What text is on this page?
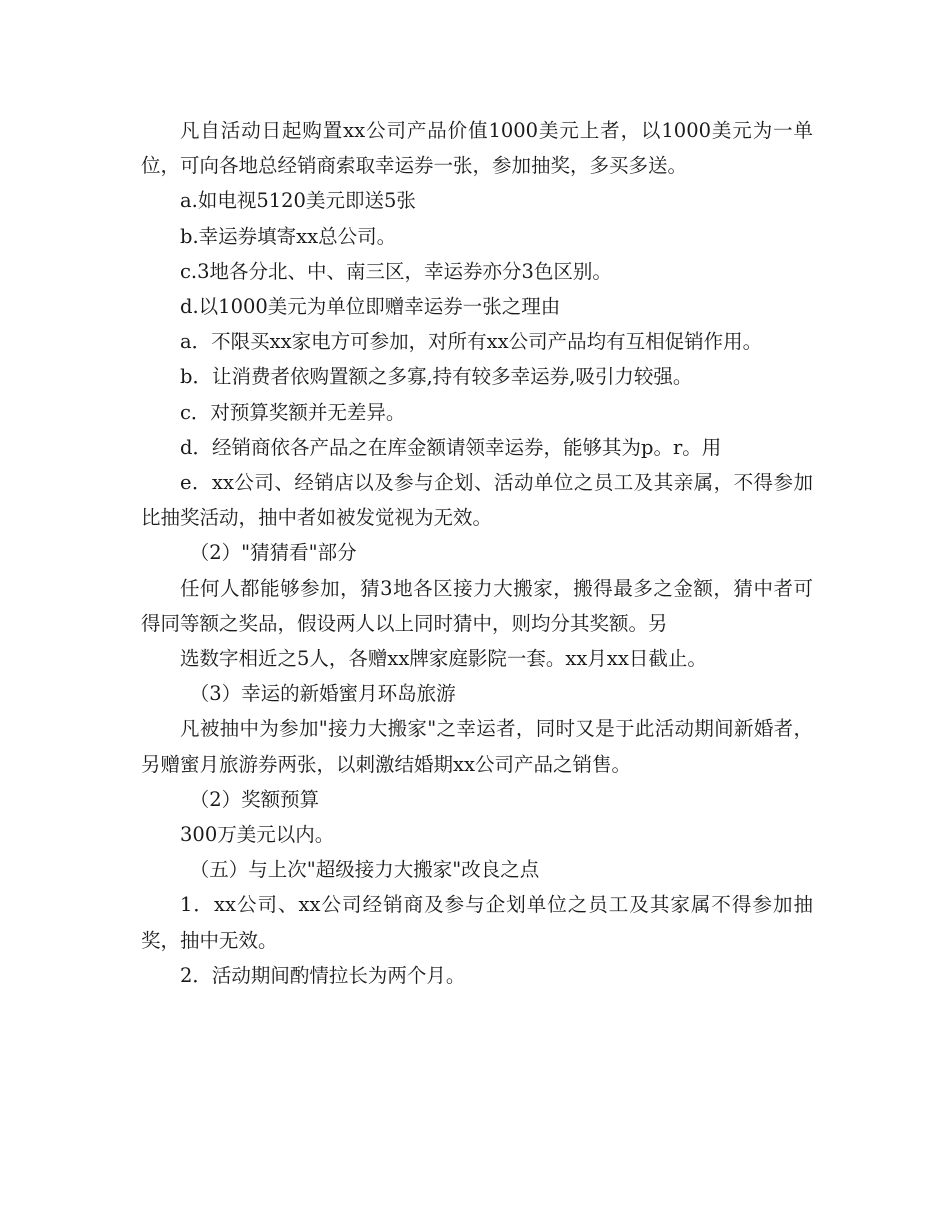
凡自活动日起购置xx公司产品价值1000美元上者，以1000美元为一单位，可向各地总经销商索取幸运券一张，参加抽奖，多买多送。

a.如电视5120美元即送5张

b.幸运券填寄xx总公司。

c.3地各分北、中、南三区，幸运券亦分3色区别。

d.以1000美元为单位即赠幸运券一张之理由

a．不限买xx家电方可参加，对所有xx公司产品均有互相促销作用。

b．让消费者依购置额之多寡,持有较多幸运券,吸引力较强。

c．对预算奖额并无差异。

d．经销商依各产品之在库金额请领幸运券，能够其为p。r。用

e．xx公司、经销店以及参与企划、活动单位之员工及其亲属，不得参加比抽奖活动，抽中者如被发觉视为无效。

（2）"猜猜看"部分

任何人都能够参加，猜3地各区接力大搬家，搬得最多之金额，猜中者可得同等额之奖品，假设两人以上同时猜中，则均分其奖额。另

选数字相近之5人，各赠xx牌家庭影院一套。xx月xx日截止。

（3）幸运的新婚蜜月环岛旅游

凡被抽中为参加"接力大搬家"之幸运者，同时又是于此活动期间新婚者，另赠蜜月旅游券两张，以刺激结婚期xx公司产品之销售。

（2）奖额预算

300万美元以内。

（五）与上次"超级接力大搬家"改良之点

1．xx公司、xx公司经销商及参与企划单位之员工及其家属不得参加抽奖，抽中无效。

2．活动期间酌情拉长为两个月。
